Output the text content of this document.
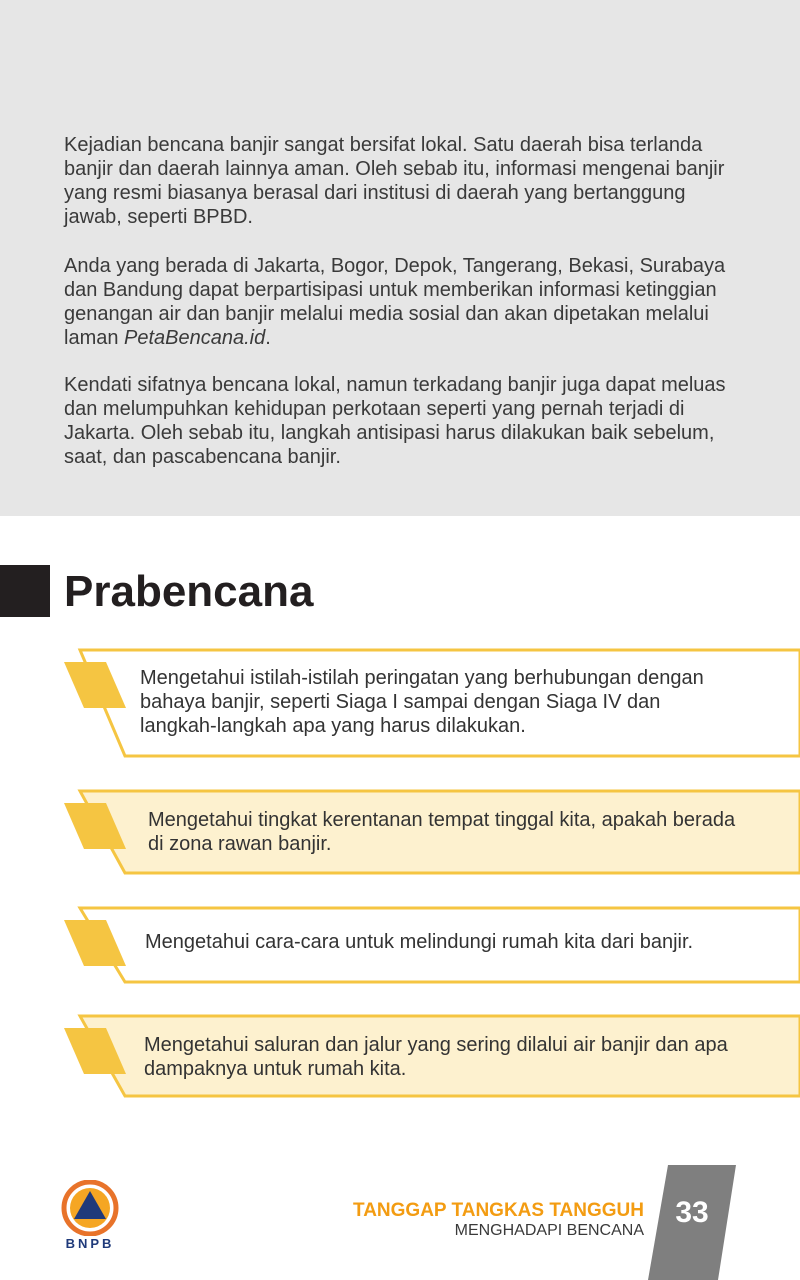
Kejadian bencana banjir sangat bersifat lokal. Satu daerah bisa terlanda banjir dan daerah lainnya aman. Oleh sebab itu, informasi mengenai banjir yang resmi biasanya berasal dari institusi di daerah yang bertanggung jawab, seperti BPBD.

Anda yang berada di Jakarta, Bogor, Depok, Tangerang, Bekasi, Surabaya dan Bandung dapat berpartisipasi untuk memberikan informasi ketinggian genangan air dan banjir melalui media sosial dan akan dipetakan melalui laman PetaBencana.id.

Kendati sifatnya bencana lokal, namun terkadang banjir juga dapat meluas dan melumpuhkan kehidupan perkotaan seperti yang pernah terjadi di Jakarta. Oleh sebab itu, langkah antisipasi harus dilakukan baik sebelum, saat, dan pascabencana banjir.

Prabencana

Mengetahui istilah-istilah peringatan yang berhubungan dengan bahaya banjir, seperti Siaga I sampai dengan Siaga IV dan langkah-langkah apa yang harus dilakukan.

Mengetahui tingkat kerentanan tempat tinggal kita, apakah berada di zona rawan banjir.

Mengetahui cara-cara untuk melindungi rumah kita dari banjir.

Mengetahui saluran dan jalur yang sering dilalui air banjir dan apa dampaknya untuk rumah kita.

BNPB
TANGGAP TANGKAS TANGGUH
MENGHADAPI BENCANA
33
